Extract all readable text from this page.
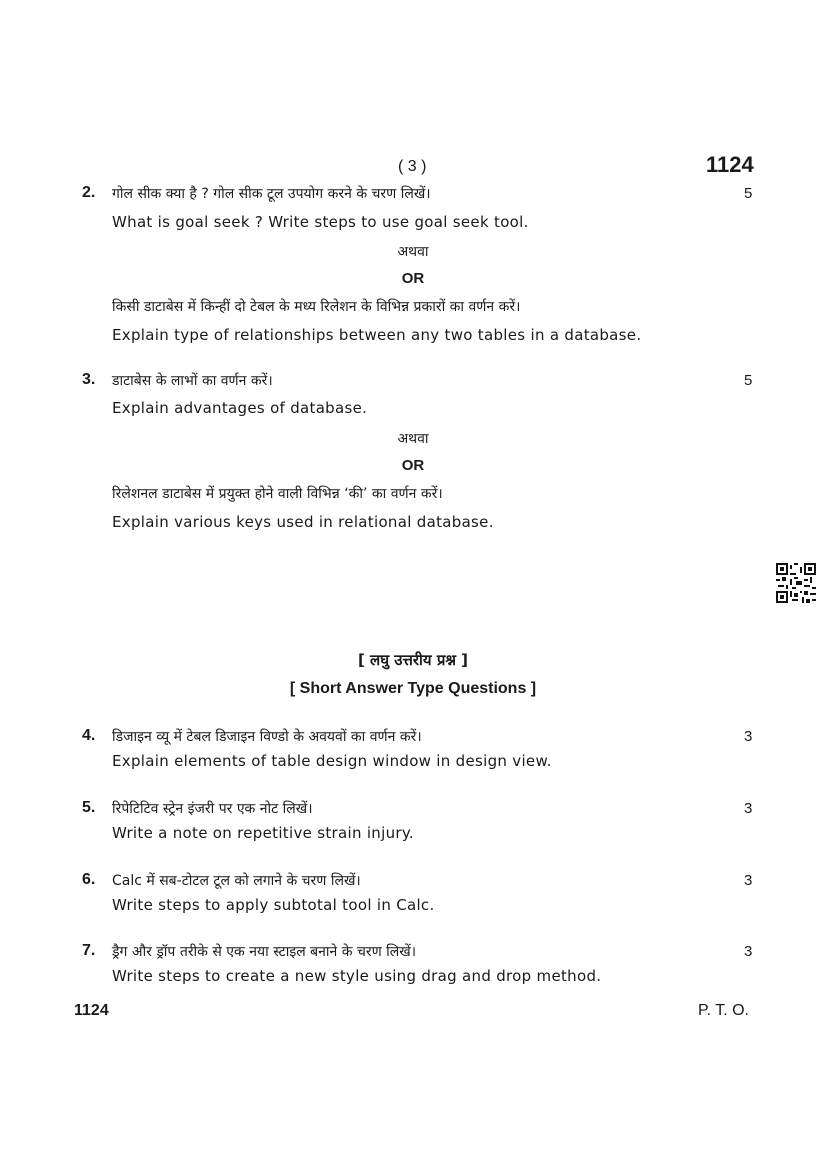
( 3 )	1124
2. गोल सीक क्या है ? गोल सीक टूल उपयोग करने के चरण लिखें।	5
What is goal seek ? Write steps to use goal seek tool.
अथवा
OR
किसी डाटाबेस में किन्हीं दो टेबल के मध्य रिलेशन के विभिन्न प्रकारों का वर्णन करें।
Explain type of relationships between any two tables in a database.
3. डाटाबेस के लाभों का वर्णन करें।	5
Explain advantages of database.
अथवा
OR
रिलेशनल डाटाबेस में प्रयुक्त होने वाली विभिन्न ‘की’ का वर्णन करें।
Explain various keys used in relational database.
[ लघु उत्तरीय प्रश्न ]
[ Short Answer Type Questions ]
4. डिजाइन व्यू में टेबल डिजाइन विण्डो के अवयवों का वर्णन करें।	3
Explain elements of table design window in design view.
5. रिपेटिटिव स्ट्रेन इंजरी पर एक नोट लिखें।	3
Write a note on repetitive strain injury.
6. Calc में सब-टोटल टूल को लगाने के चरण लिखें।	3
Write steps to apply subtotal tool in Calc.
7. ड्रैग और ड्रॉप तरीके से एक नया स्टाइल बनाने के चरण लिखें।	3
Write steps to create a new style using drag and drop method.
1124	P. T. O.
